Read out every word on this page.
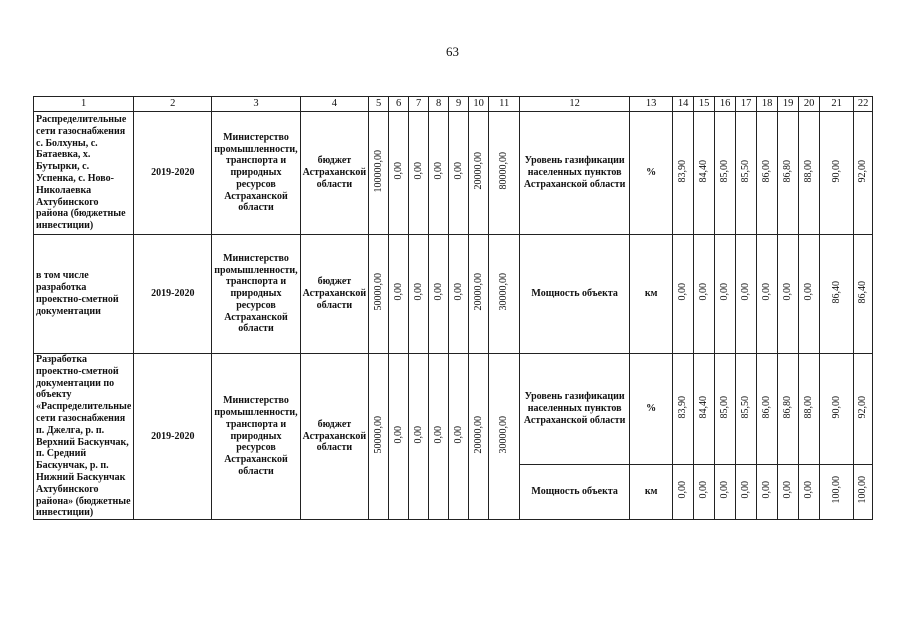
63
1	2	3	4	5	6	7	8	9	10	11	12	13	14	15	16	17	18	19	20	21	22
Распределительные сети газоснабжения с. Болхуны, с. Батаевка, х. Бутырки, с. Успенка, с. Ново-Николаевка Ахтубинского района (бюджетные инвестиции)	2019-2020	Министерство промышленности, транспорта и природных ресурсов Астраханской области	бюджет Астраханской области	100000,00	0,00	0,00	0,00	0,00	20000,00	80000,00	Уровень газификации населенных пунктов Астраханской области	%	83,90	84,40	85,00	85,50	86,00	86,80	88,00	90,00	92,00
в том числе разработка проектно-сметной документации	2019-2020	Министерство промышленности, транспорта и природных ресурсов Астраханской области	бюджет Астраханской области	50000,00	0,00	0,00	0,00	0,00	20000,00	30000,00	Мощность объекта	км	0,00	0,00	0,00	0,00	0,00	0,00	0,00	86,40	86,40
Разработка проектно-сметной документации по объекту «Распределительные сети газоснабжения п. Джелга, р. п. Верхний Баскунчак, п. Средний Баскунчак, р. п. Нижний Баскунчак Ахтубинского района» (бюджетные инвестиции)	2019-2020	Министерство промышленности, транспорта и природных ресурсов Астраханской области	бюджет Астраханской области	50000,00	0,00	0,00	0,00	0,00	20000,00	30000,00	Уровень газификации населенных пунктов Астраханской области	%	83,90	84,40	85,00	85,50	86,00	86,80	88,00	90,00	92,00
											Мощность объекта	км	0,00	0,00	0,00	0,00	0,00	0,00	0,00	100,00	100,00
